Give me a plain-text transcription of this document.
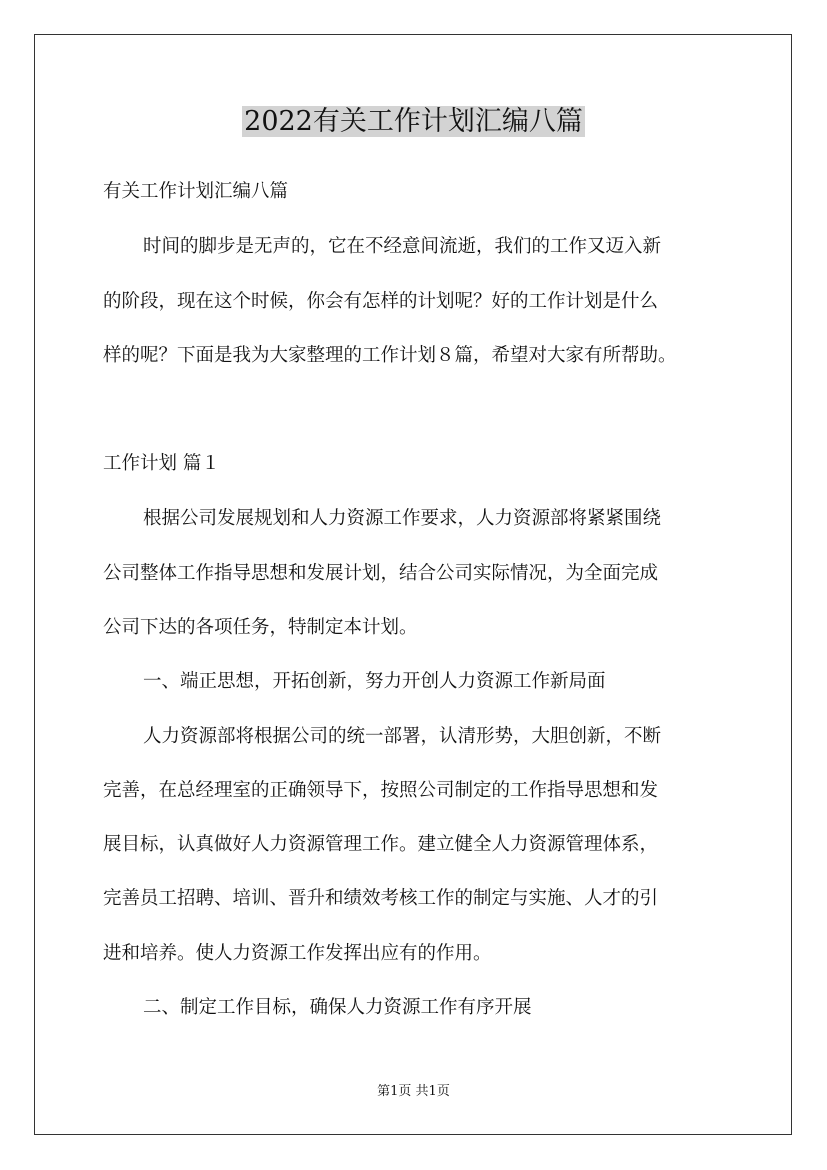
2022有关工作计划汇编八篇

有关工作计划汇编八篇

时间的脚步是无声的，它在不经意间流逝，我们的工作又迈入新

的阶段，现在这个时候，你会有怎样的计划呢？好的工作计划是什么

样的呢？下面是我为大家整理的工作计划８篇，希望对大家有所帮助。

工作计划 篇１

根据公司发展规划和人力资源工作要求，人力资源部将紧紧围绕

公司整体工作指导思想和发展计划，结合公司实际情况，为全面完成

公司下达的各项任务，特制定本计划。

一、端正思想，开拓创新，努力开创人力资源工作新局面

人力资源部将根据公司的统一部署，认清形势，大胆创新，不断

完善，在总经理室的正确领导下，按照公司制定的工作指导思想和发

展目标，认真做好人力资源管理工作。建立健全人力资源管理体系，

完善员工招聘、培训、晋升和绩效考核工作的制定与实施、人才的引

进和培养。使人力资源工作发挥出应有的作用。

二、制定工作目标，确保人力资源工作有序开展

第1页 共1页
